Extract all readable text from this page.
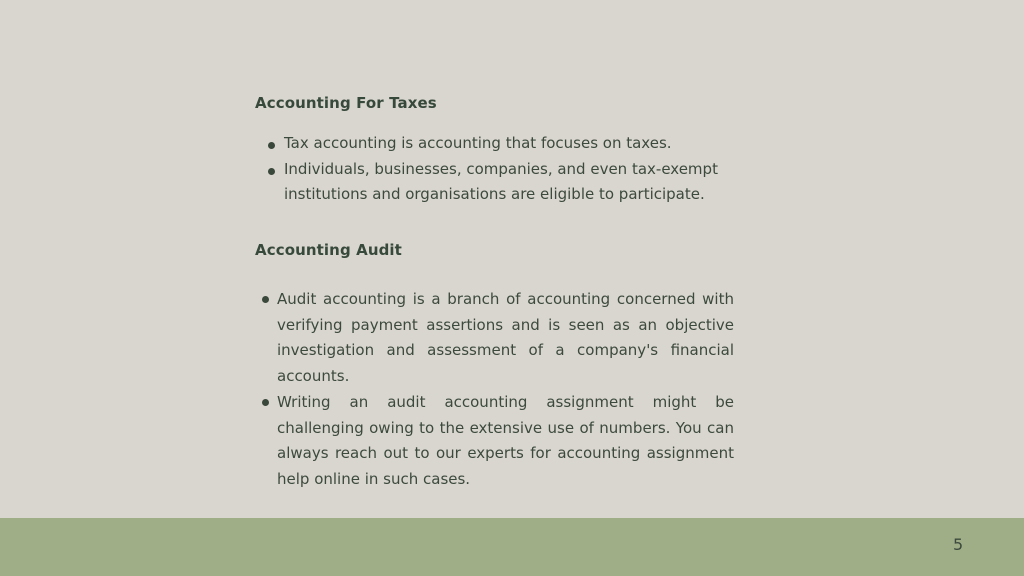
Accounting For Taxes
Tax accounting is accounting that focuses on taxes.
Individuals, businesses, companies, and even tax-exempt institutions and organisations are eligible to participate.
Accounting Audit
Audit accounting is a branch of accounting concerned with verifying payment assertions and is seen as an objective investigation and assessment of a company's financial accounts.
Writing an audit accounting assignment might be challenging owing to the extensive use of numbers. You can always reach out to our experts for accounting assignment help online in such cases.
5
